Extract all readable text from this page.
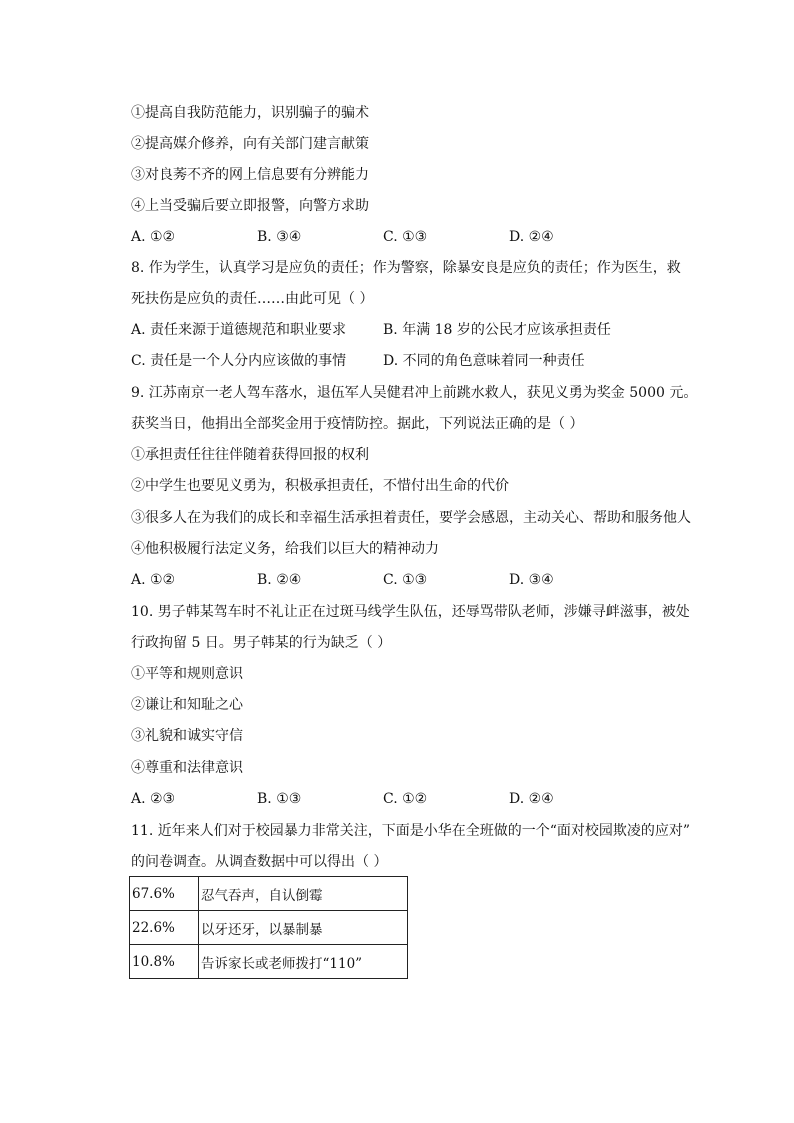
①提高自我防范能力，识别骗子的骗术
②提高媒介修养，向有关部门建言献策
③对良莠不齐的网上信息要有分辨能力
④上当受骗后要立即报警，向警方求助
A. ①②	B. ③④	C. ①③	D. ②④
8. 作为学生，认真学习是应负的责任；作为警察，除暴安良是应负的责任；作为医生，救
死扶伤是应负的责任……由此可见（ ）
A. 责任来源于道德规范和职业要求	B. 年满 18 岁的公民才应该承担责任
C. 责任是一个人分内应该做的事情	D. 不同的角色意味着同一种责任
9. 江苏南京一老人驾车落水，退伍军人吴健君冲上前跳水救人，获见义勇为奖金 5000 元。
获奖当日，他捐出全部奖金用于疫情防控。据此，下列说法正确的是（ ）
①承担责任往往伴随着获得回报的权利
②中学生也要见义勇为，积极承担责任，不惜付出生命的代价
③很多人在为我们的成长和幸福生活承担着责任，要学会感恩，主动关心、帮助和服务他人
④他积极履行法定义务，给我们以巨大的精神动力
A. ①②	B. ②④	C. ①③	D. ③④
10. 男子韩某驾车时不礼让正在过斑马线学生队伍，还辱骂带队老师，涉嫌寻衅滋事，被处
行政拘留 5 日。男子韩某的行为缺乏（ ）
①平等和规则意识
②谦让和知耻之心
③礼貌和诚实守信
④尊重和法律意识
A. ②③	B. ①③	C. ①②	D. ②④
11. 近年来人们对于校园暴力非常关注，下面是小华在全班做的一个“面对校园欺凌的应对”
的问卷调查。从调查数据中可以得出（ ）
67.6%	忍气吞声，自认倒霉
22.6%	以牙还牙，以暴制暴
10.8%	告诉家长或老师拨打“110”
